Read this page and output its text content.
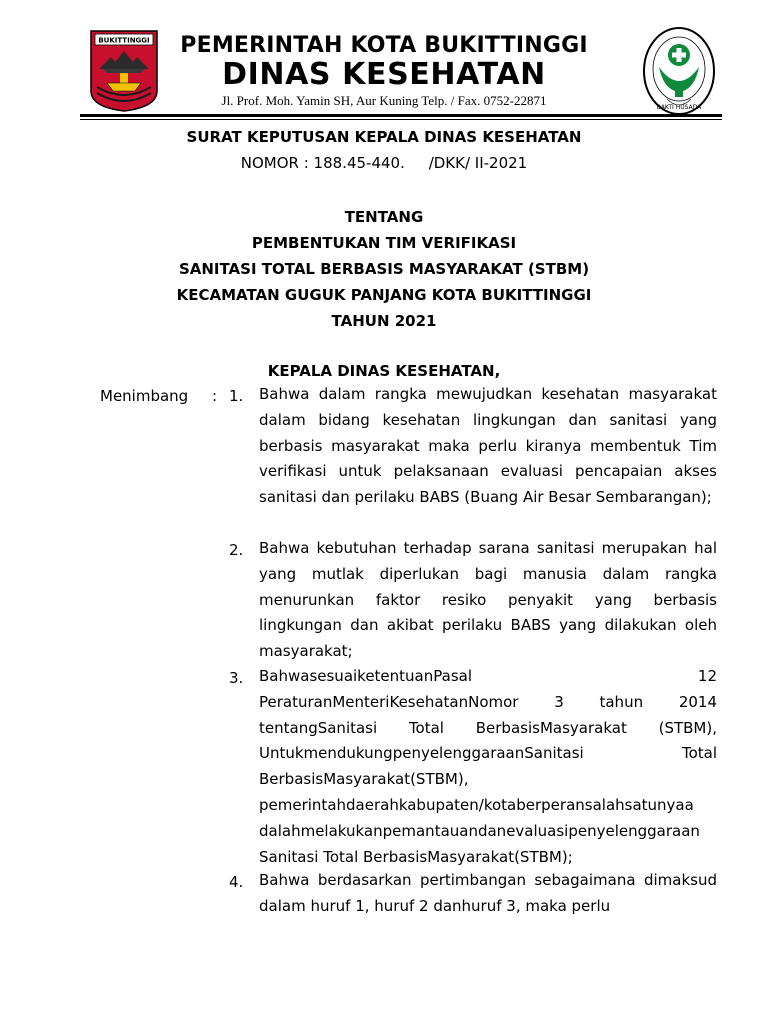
BUKITTINGGI	PEMERINTAH KOTA BUKITTINGGI
DINAS KESEHATAN
Jl. Prof. Moh. Yamin SH, Aur Kuning Telp. / Fax. 0752-22871	BAKTI HUSADA
SURAT KEPUTUSAN KEPALA DINAS KESEHATAN
NOMOR : 188.45-440.     /DKK/ II-2021
TENTANG
PEMBENTUKAN TIM VERIFIKASI
SANITASI TOTAL BERBASIS MASYARAKAT (STBM)
KECAMATAN GUGUK PANJANG KOTA BUKITTINGGI
TAHUN 2021
KEPALA DINAS KESEHATAN,
Menimbang : 1. Bahwa dalam rangka mewujudkan kesehatan masyarakat dalam bidang kesehatan lingkungan dan sanitasi yang berbasis masyarakat maka perlu kiranya membentuk Tim verifikasi untuk pelaksanaan evaluasi pencapaian akses sanitasi dan perilaku BABS (Buang Air Besar Sembarangan);
2. Bahwa kebutuhan terhadap sarana sanitasi merupakan hal yang mutlak diperlukan bagi manusia dalam rangka menurunkan faktor resiko penyakit yang berbasis lingkungan dan akibat perilaku BABS yang dilakukan oleh masyarakat;
3. BahwasesuaiketentuanPasal 12 PeraturanMenteriKesehatanNomor 3 tahun 2014 tentangSanitasi Total BerbasisMasyarakat (STBM), UntukmendukungpenyelenggaraanSanitasi Total BerbasisMasyarakat(STBM), pemerintahdaerahkabupaten/kotaberperansalahsatunyaa dalahmelakukanpemantauandanevaluasipenyelenggaraan Sanitasi Total BerbasisMasyarakat(STBM);
4. Bahwa berdasarkan pertimbangan sebagaimana dimaksud dalam huruf 1, huruf 2 danhuruf 3, maka perlu
